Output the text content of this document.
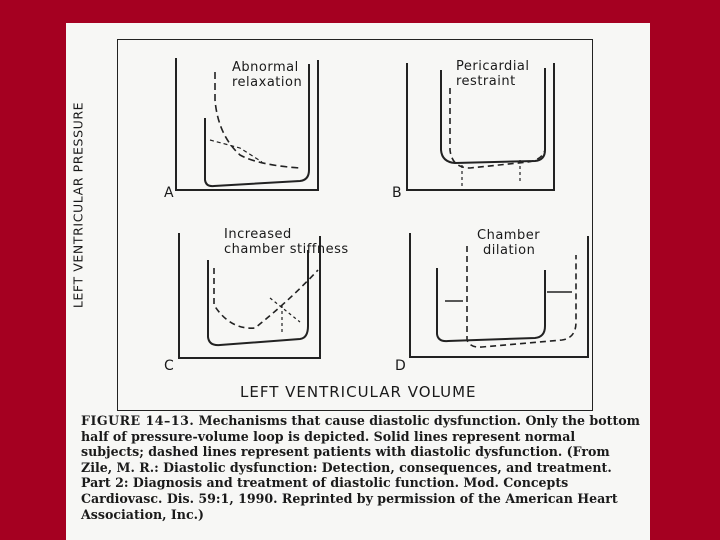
LEFT VENTRICULAR PRESSURE
LEFT VENTRICULAR VOLUME
Abnormal
relaxation
A
Pericardial
restraint
B
Increased
chamber stiffness
C
Chamber
dilation
D
FIGURE 14–13. Mechanisms that cause diastolic dysfunction. Only the bottom half of pressure-volume loop is depicted. Solid lines represent normal subjects; dashed lines represent patients with diastolic dysfunction. (From Zile, M. R.: Diastolic dysfunction: Detection, consequences, and treatment. Part 2: Diagnosis and treatment of diastolic function. Mod. Concepts Cardiovasc. Dis. 59:1, 1990. Reprinted by permission of the American Heart Association, Inc.)
